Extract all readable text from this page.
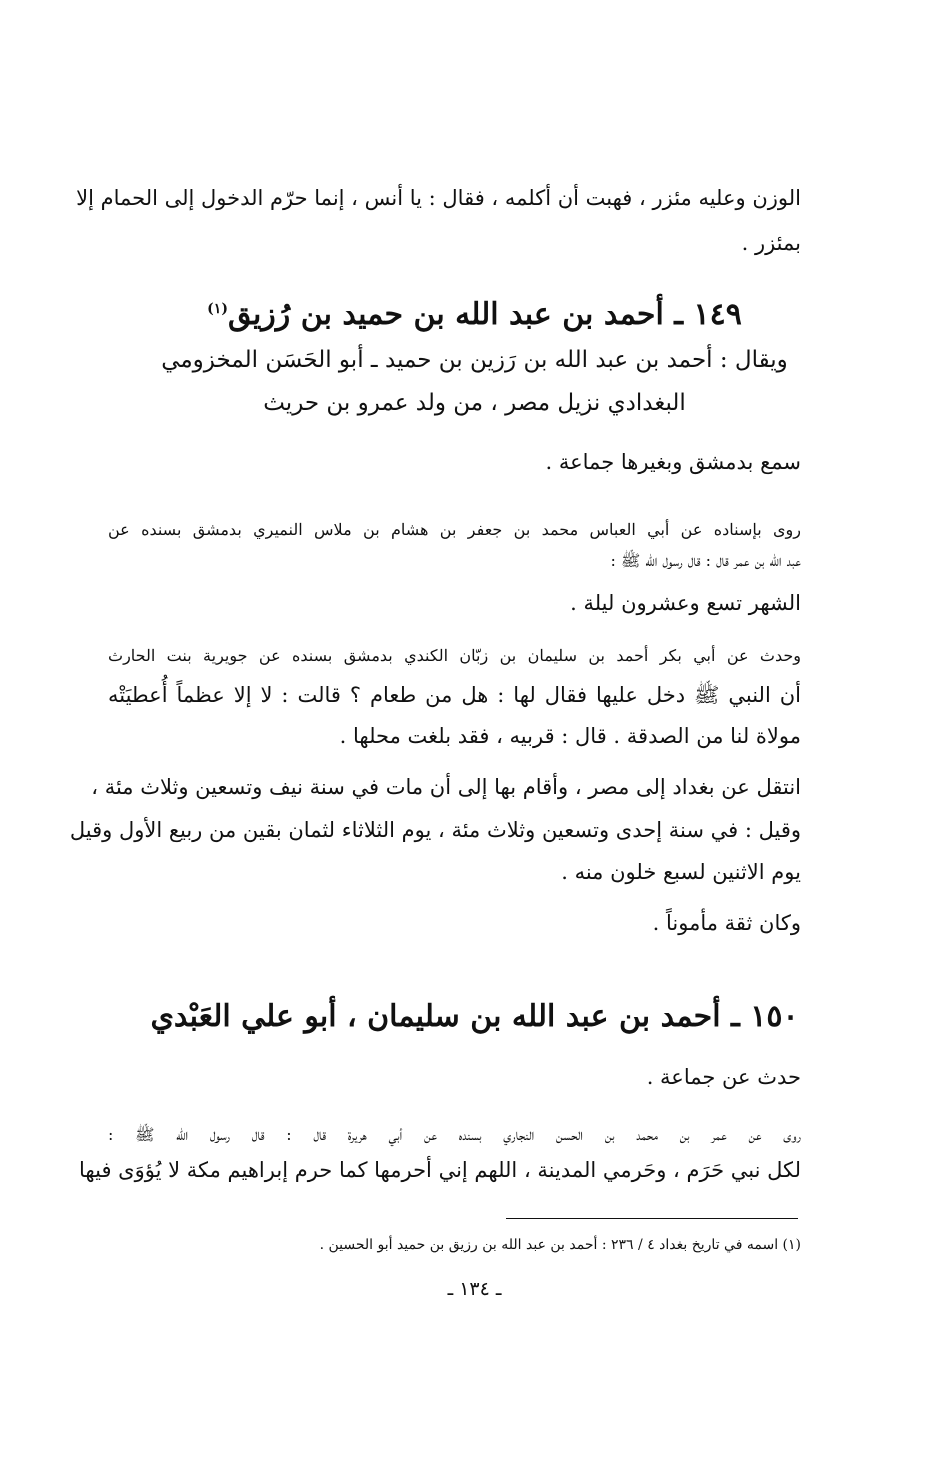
الوزن وعليه مئزر ، فهبت أن أكلمه ، فقال : يا أنس ، إنما حرّم الدخول إلى الحمام إلا
بمئزر .
١٤٩ ـ أحمد بن عبد الله بن حميد بن رُزيق$^{(١)}$
ويقال : أحمد بن عبد الله بن رَزين بن حميد ـ أبو الحَسَن المخزومي
البغدادي نزيل مصر ، من ولد عمرو بن حريث
سمع بدمشق وبغيرها جماعة .
روى بإسناده عن أبي العباس محمد بن جعفر بن هشام بن ملاس النميري بدمشق بسنده عن
عبد الله بن عمر قال : قال رسول الله ﷺ :
الشهر تسع وعشرون ليلة .
وحدث عن أبي بكر أحمد بن سليمان بن زبّان الكندي بدمشق بسنده عن جويرية بنت الحارث
أن النبي ﷺ دخل عليها فقال لها : هل من طعام ؟ قالت : لا إلا عظماً أُعطيَتْه
مولاة لنا من الصدقة . قال : قربيه ، فقد بلغت محلها .
انتقل عن بغداد إلى مصر ، وأقام بها إلى أن مات في سنة نيف وتسعين وثلاث مئة ،
وقيل : في سنة إحدى وتسعين وثلاث مئة ، يوم الثلاثاء لثمان بقين من ربيع الأول وقيل
يوم الاثنين لسبع خلون منه .
وكان ثقة مأموناً .
١٥٠ ـ أحمد بن عبد الله بن سليمان ، أبو علي العَبْدي
حدث عن جماعة .
روى عن عمر بن محمد بن الحسن النجاري بسنده عن أبي هريرة قال : قال رسول الله ﷺ :
لكل نبي حَرَم ، وحَرمي المدينة ، اللهم إني أحرمها كما حرم إبراهيم مكة لا يُؤوَى فيها
(١) اسمه في تاريخ بغداد ٤ / ٢٣٦ : أحمد بن عبد الله بن رزيق بن حميد أبو الحسين .
ـ ١٣٤ ـ
